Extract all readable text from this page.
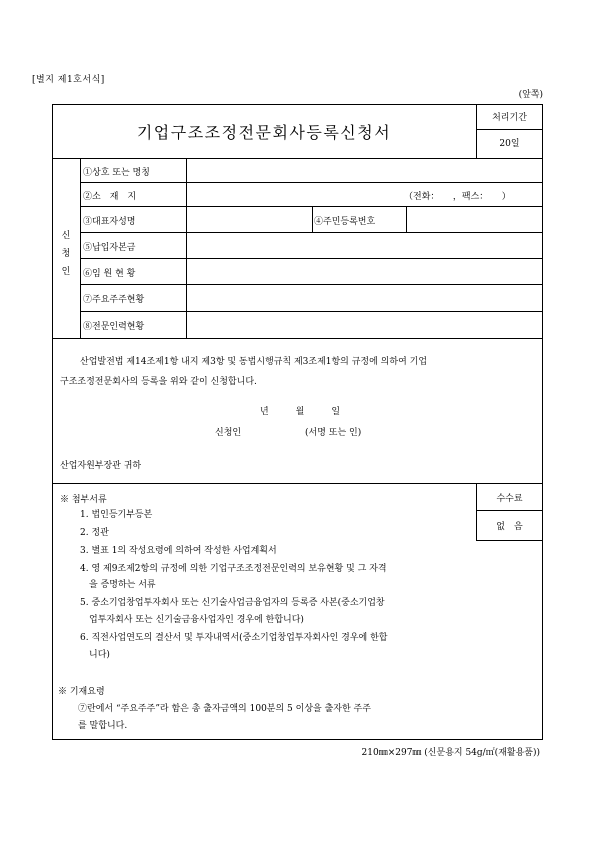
[별지 제1호서식]
(앞쪽)
기업구조조정전문회사등록신청서
처리기간
20일
신
청
인
①상호 또는 명칭
②소　재　지
③대표자성명
⑤납입자본금
⑥임 원 현 황
⑦주요주주현황
⑧전문인력현황
（전화：　　，팩스：　　）
④주민등록번호
산업발전법 제14조제1항 내지 제3항 및 동법시행규칙 제3조제1항의 규정에 의하여 기업
구조조정전문회사의 등록을 위와 같이 신청합니다.
년　　　월　　　일
신청인	(서명 또는 인)
산업자원부장관 귀하
수수료
없　음
※ 첨부서류
1. 법인등기부등본
2. 정관
3. 별표 1의 작성요령에 의하여 작성한 사업계획서
4. 영 제9조제2항의 규정에 의한 기업구조조정전문인력의 보유현황 및 그 자격
　을 증명하는 서류
5. 중소기업창업투자회사 또는 신기술사업금융업자의 등록증 사본(중소기업창
　업투자회사 또는 신기술금융사업자인 경우에 한합니다)
6. 직전사업연도의 결산서 및 투자내역서(중소기업창업투자회사인 경우에 한합
　니다)
※ 기재요령
⑦란에서 “주요주주”라 함은 총 출자금액의 100분의 5 이상을 출자한 주주
를 말합니다.
210㎜×297㎜ (신문용지 54g/㎡(재활용품))
